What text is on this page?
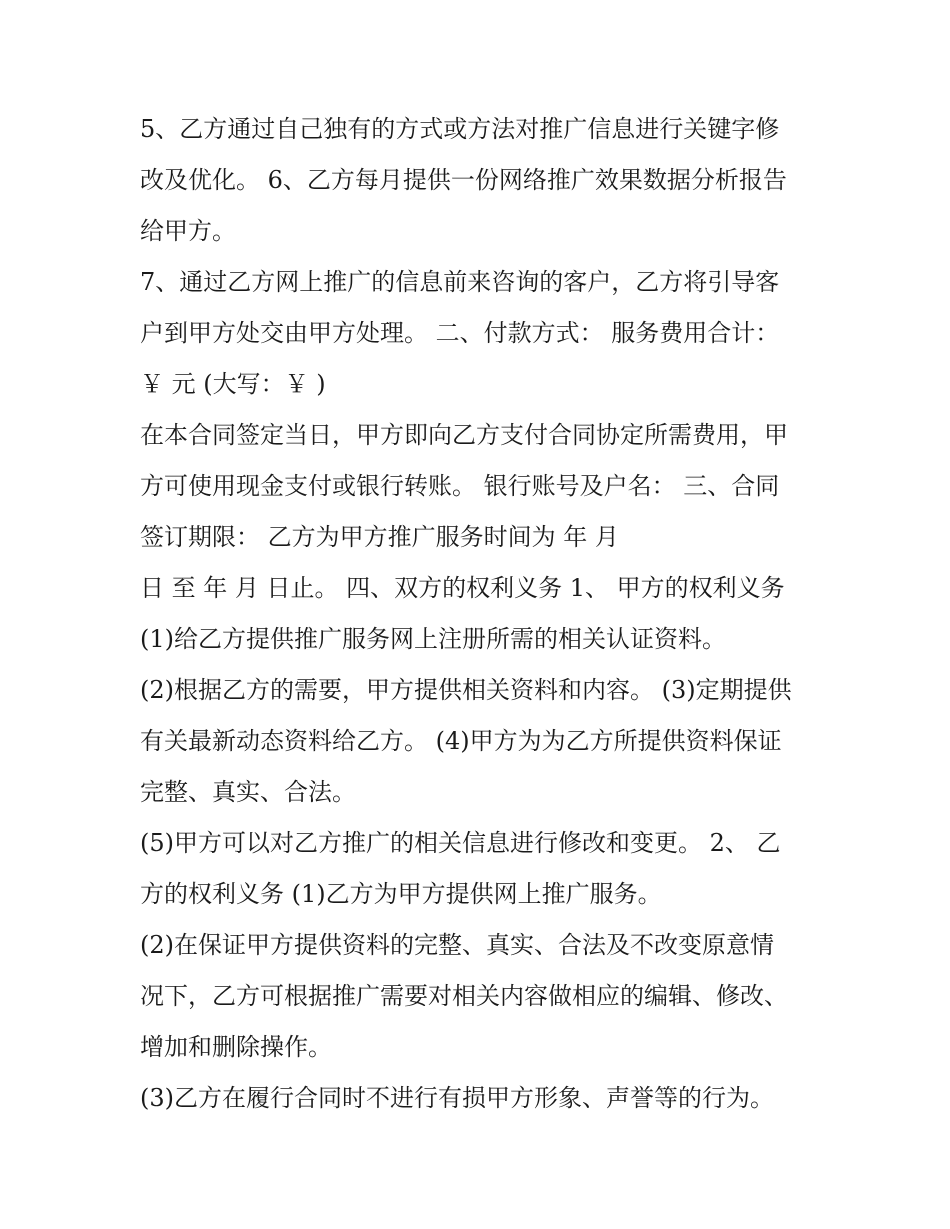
5、乙方通过自己独有的方式或方法对推广信息进行关键字修
改及优化。 6、乙方每月提供一份网络推广效果数据分析报告
给甲方。
7、通过乙方网上推广的信息前来咨询的客户，乙方将引导客
户到甲方处交由甲方处理。 二、付款方式： 服务费用合计：
￥ 元 (大写：￥ )
在本合同签定当日，甲方即向乙方支付合同协定所需费用，甲
方可使用现金支付或银行转账。 银行账号及户名： 三、合同
签订期限： 乙方为甲方推广服务时间为 年 月
日 至 年 月 日止。 四、双方的权利义务 1、 甲方的权利义务
(1)给乙方提供推广服务网上注册所需的相关认证资料。
(2)根据乙方的需要，甲方提供相关资料和内容。 (3)定期提供
有关最新动态资料给乙方。 (4)甲方为为乙方所提供资料保证
完整、真实、合法。
(5)甲方可以对乙方推广的相关信息进行修改和变更。 2、 乙
方的权利义务 (1)乙方为甲方提供网上推广服务。
(2)在保证甲方提供资料的完整、真实、合法及不改变原意情
况下，乙方可根据推广需要对相关内容做相应的编辑、修改、
增加和删除操作。
(3)乙方在履行合同时不进行有损甲方形象、声誉等的行为。
